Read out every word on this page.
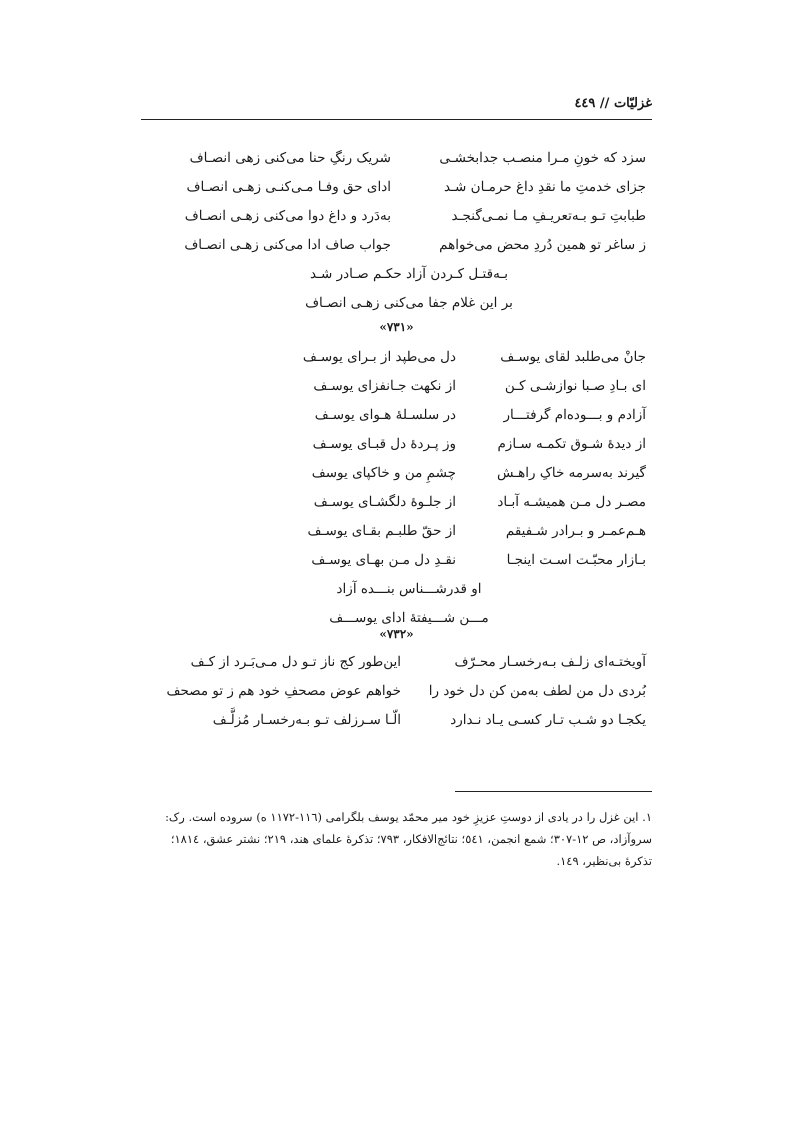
غزلیّات // ٤٤٩
سزد که خونِ مـرا منصـب جدابخشـی
شریک رنگِ حنا می‌کنی زهی انصـاف
جزای خدمتِ ما نقدِ داغ حرمـان شـد
ادای حق وفـا مـی‌کنـی زهـی انصـاف
طبابتِ تـو بـه‌تعریـفِ مـا نمـی‌گنجـد
به‌دَرد و داغ دوا می‌کنی زهـی انصـاف
ز ساغر تو همین دُردِ محض می‌خواهم
جواب صاف ادا می‌کنی زهـی انصـاف
بـه‌قتـل کـردن آزاد حکـم صـادر شـد
بر این غلام جفا می‌کنی زهـی انصـاف
«۷۳۱»
جانْ می‌طلبد لقای یوسـف
دل می‌طپد از بـرای یوسـف
ای بـادِ صـبا نوازشـی کـن
از نکهت جـانفزای یوسـف
آزادم و بـــوده‌ام گرفتـــار
در سلسـلهٔ هـوای یوسـف
از دیدهٔ شـوق تکمـه سـازم
وز پـردهٔ دل قبـای یوسـف
گیرند به‌سرمه خاکِ راهـش
چشمِ من و خاکپای یوسف
مصـر دل مـن همیشـه آبـاد
از جلـوهٔ دلگشـای یوسـف
هـم‌عمـر و بـرادر شـفیقم
از حقّ طلبـم بقـای یوسـف
بـازار محبّـت اسـت اینجـا
نقـدِ دل مـن بهـای یوسـف
او قدرشـــناس بنـــده آزاد
مـــن شـــیفتهٔ ادای یوســـف
«۷۳۲»
آویختـه‌ای زلـف بـه‌رخسـار محـرّف
این‌طور کج ناز تـو دل مـی‌بَـرد از کـف
بُردی دل من لطف به‌من کن دل خود را
خواهم عوض مصحفِ خود هم ز تو مصحف
یکجـا دو شـب تـار کسـی یـاد نـدارد
الّـا سـرزلف تـو بـه‌رخسـار مُزلَّـف
١. این غزل را در یادی از دوستِ عزیزِ خود میر محمّد یوسف بلگرامی (١١٦-١١٧٢ ه) سروده است. رک:
سروآزاد، ص ١٢-٣٠٧؛ شمع انجمن، ٥٤١؛ نتائج‌الافکار، ٧٩٣؛ تذکرهٔ علمای هند، ٢١٩؛ نشتر عشق، ١٨١٤؛
تذکرهٔ بی‌نظیر، ١٤٩.
